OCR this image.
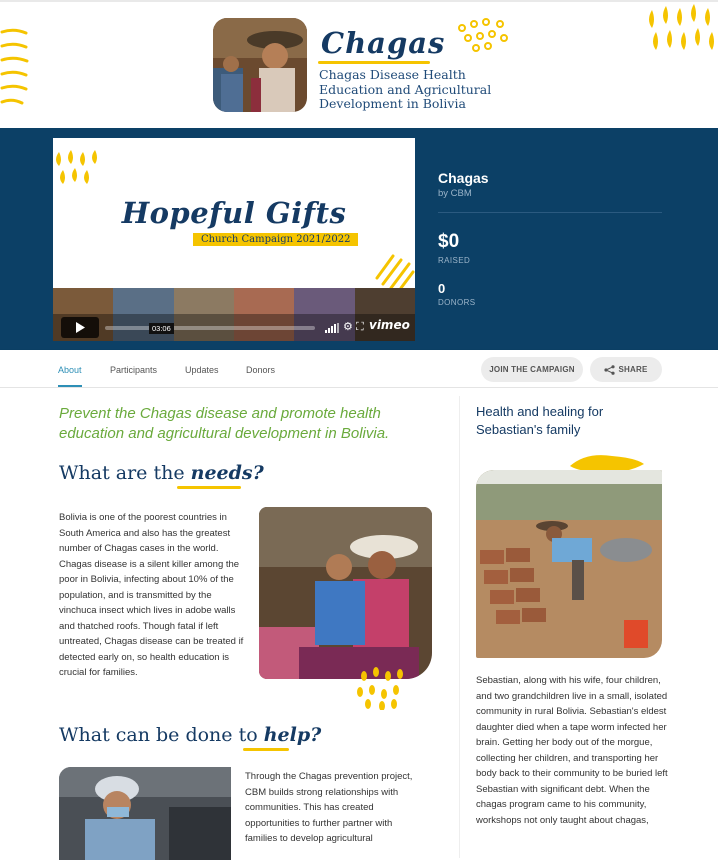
Chagas
Chagas Disease Health Education and Agricultural Development in Bolivia
Hopeful Gifts
Church Campaign 2021/2022
03:06	⚙ ⛶ vimeo
Chagas
by CBM
$0
RAISED
0
DONORS
About	Participants	Updates	Donors	JOIN THE CAMPAIGN	SHARE
Prevent the Chagas disease and promote health education and agricultural development in Bolivia.
What are the needs?
Bolivia is one of the poorest countries in South America and also has the greatest number of Chagas cases in the world. Chagas disease is a silent killer among the poor in Bolivia, infecting about 10% of the population, and is transmitted by the vinchuca insect which lives in adobe walls and thatched roofs. Though fatal if left untreated, Chagas disease can be treated if detected early on, so health education is crucial for families.
What can be done to help?
Through the Chagas prevention project, CBM builds strong relationships with communities. This has created opportunities to further partner with families to develop agricultural
Health and healing for Sebastian's family
Sebastian, along with his wife, four children, and two grandchildren live in a small, isolated community in rural Bolivia. Sebastian's eldest daughter died when a tape worm infected her brain. Getting her body out of the morgue, collecting her children, and transporting her body back to their community to be buried left Sebastian with significant debt. When the chagas program came to his community, workshops not only taught about chagas,
